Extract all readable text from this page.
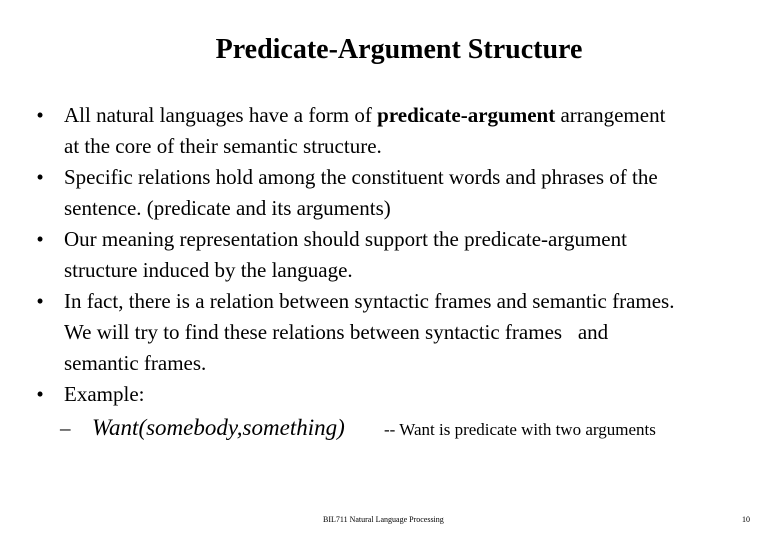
Predicate-Argument Structure
• All natural languages have a form of predicate-argument arrangement
at the core of their semantic structure.
• Specific relations hold among the constituent words and phrases of the
sentence. (predicate and its arguments)
• Our meaning representation should support the predicate-argument
structure induced by the language.
• In fact, there is a relation between syntactic frames and semantic frames.
We will try to find these relations between syntactic frames   and
semantic frames.
• Example:
– Want(somebody,something) -- Want is predicate with two arguments
BIL711 Natural Language Processing	10
